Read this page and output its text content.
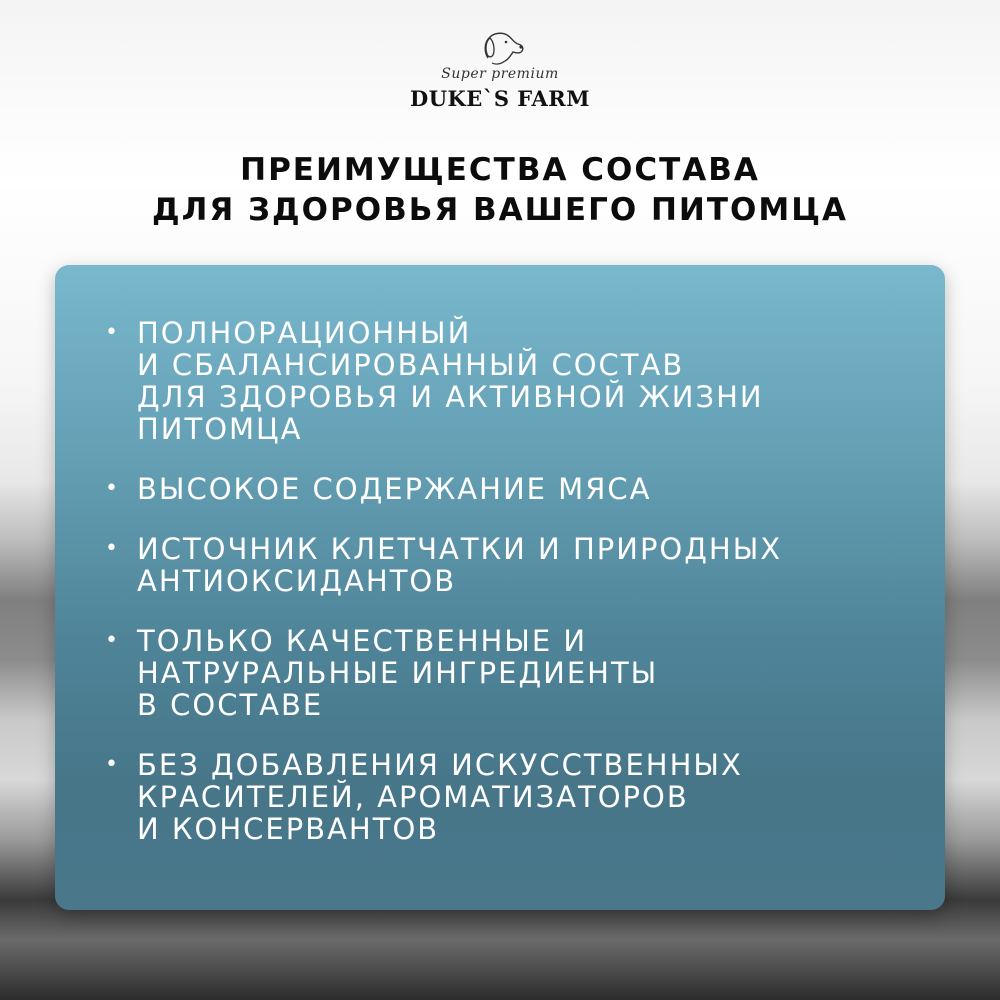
Super premium
DUKE`S FARM
ПРЕИМУЩЕСТВА СОСТАВА
ДЛЯ ЗДОРОВЬЯ ВАШЕГО ПИТОМЦА
• ПОЛНОРАЦИОННЫЙ
И СБАЛАНСИРОВАННЫЙ СОСТАВ
ДЛЯ ЗДОРОВЬЯ И АКТИВНОЙ ЖИЗНИ
ПИТОМЦА
• ВЫСОКОЕ СОДЕРЖАНИЕ МЯСА
• ИСТОЧНИК КЛЕТЧАТКИ И ПРИРОДНЫХ
АНТИОКСИДАНТОВ
• ТОЛЬКО КАЧЕСТВЕННЫЕ И
НАТРУРАЛЬНЫЕ ИНГРЕДИЕНТЫ
В СОСТАВЕ
• БЕЗ ДОБАВЛЕНИЯ ИСКУССТВЕННЫХ
КРАСИТЕЛЕЙ, АРОМАТИЗАТОРОВ
И КОНСЕРВАНТОВ
